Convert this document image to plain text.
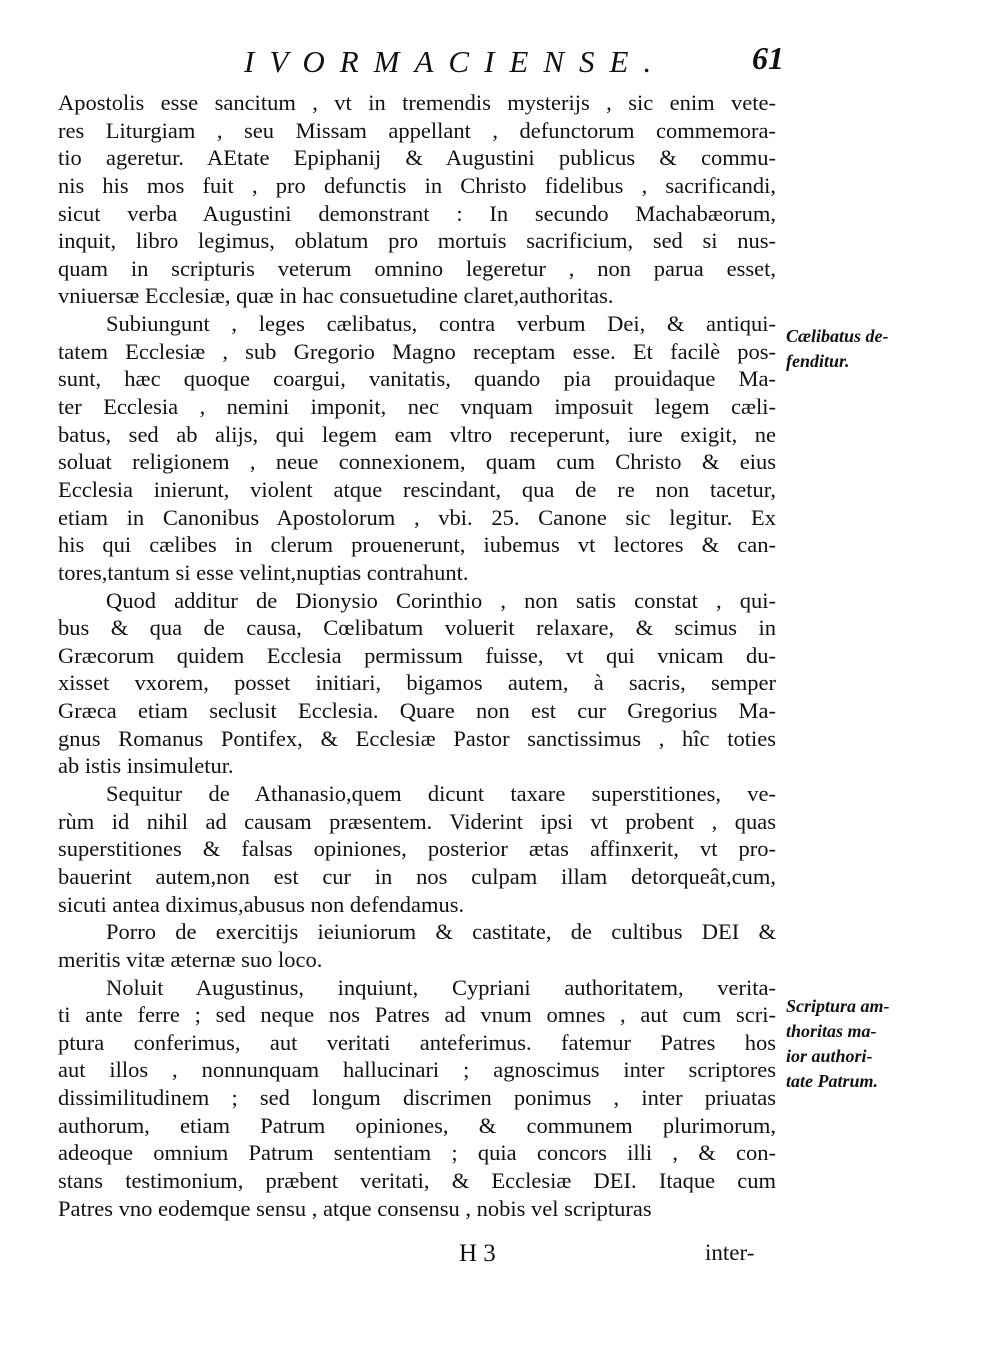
IVORMACIENSE.	61
Apostolis esse sancitum , vt in tremendis mysterijs , sic enim vete-
res Liturgiam , seu Missam appellant , defunctorum commemora-
tio ageretur. AEtate Epiphanij & Augustini publicus & commu-
nis his mos fuit , pro defunctis in Christo fidelibus , sacrificandi,
sicut verba Augustini demonstrant : In secundo Machabæorum,
inquit, libro legimus, oblatum pro mortuis sacrificium, sed si nus-
quam in scripturis veterum omnino legeretur , non parua esset,
vniuersæ Ecclesiæ, quæ in hac consuetudine claret,authoritas.
Subiungunt , leges cælibatus, contra verbum Dei, & antiqui-
tatem Ecclesiæ , sub Gregorio Magno receptam esse. Et facilè pos-
sunt, hæc quoque coargui, vanitatis, quando pia prouidaque Ma-
ter Ecclesia , nemini imponit, nec vnquam imposuit legem cæli-
batus, sed ab alijs, qui legem eam vltro receperunt, iure exigit, ne
soluat religionem , neue connexionem, quam cum Christo & eius
Ecclesia inierunt, violent atque rescindant, qua de re non tacetur,
etiam in Canonibus Apostolorum , vbi. 25. Canone sic legitur. Ex
his qui cælibes in clerum prouenerunt, iubemus vt lectores & can-
tores,tantum si esse velint,nuptias contrahunt.
Quod additur de Dionysio Corinthio , non satis constat , qui-
bus & qua de causa, Cœlibatum voluerit relaxare, & scimus in
Græcorum quidem Ecclesia permissum fuisse, vt qui vnicam du-
xisset vxorem, posset initiari, bigamos autem, à sacris, semper
Græca etiam seclusit Ecclesia. Quare non est cur Gregorius Ma-
gnus Romanus Pontifex, & Ecclesiæ Pastor sanctissimus , hîc toties
ab istis insimuletur.
Sequitur de Athanasio,quem dicunt taxare superstitiones, ve-
rùm id nihil ad causam præsentem. Viderint ipsi vt probent , quas
superstitiones & falsas opiniones, posterior ætas affinxerit, vt pro-
bauerint autem,non est cur in nos culpam illam detorqueât,cum,
sicuti antea diximus,abusus non defendamus.
Porro de exercitijs ieiuniorum & castitate, de cultibus DEI &
meritis vitæ æternæ suo loco.
Noluit Augustinus, inquiunt, Cypriani authoritatem, verita-
ti ante ferre ; sed neque nos Patres ad vnum omnes , aut cum scri-
ptura conferimus, aut veritati anteferimus. fatemur Patres hos
aut illos , nonnunquam hallucinari ; agnoscimus inter scriptores
dissimilitudinem ; sed longum discrimen ponimus , inter priuatas
authorum, etiam Patrum opiniones, & communem plurimorum,
adeoque omnium Patrum sententiam ; quia concors illi , & con-
stans testimonium, præbent veritati, & Ecclesiæ DEI. Itaque cum
Patres vno eodemque sensu , atque consensu , nobis vel scripturas
Cælibatus de-
fenditur.
Scriptura am-
thoritas ma-
ior authori-
tate Patrum.
H 3	inter-
